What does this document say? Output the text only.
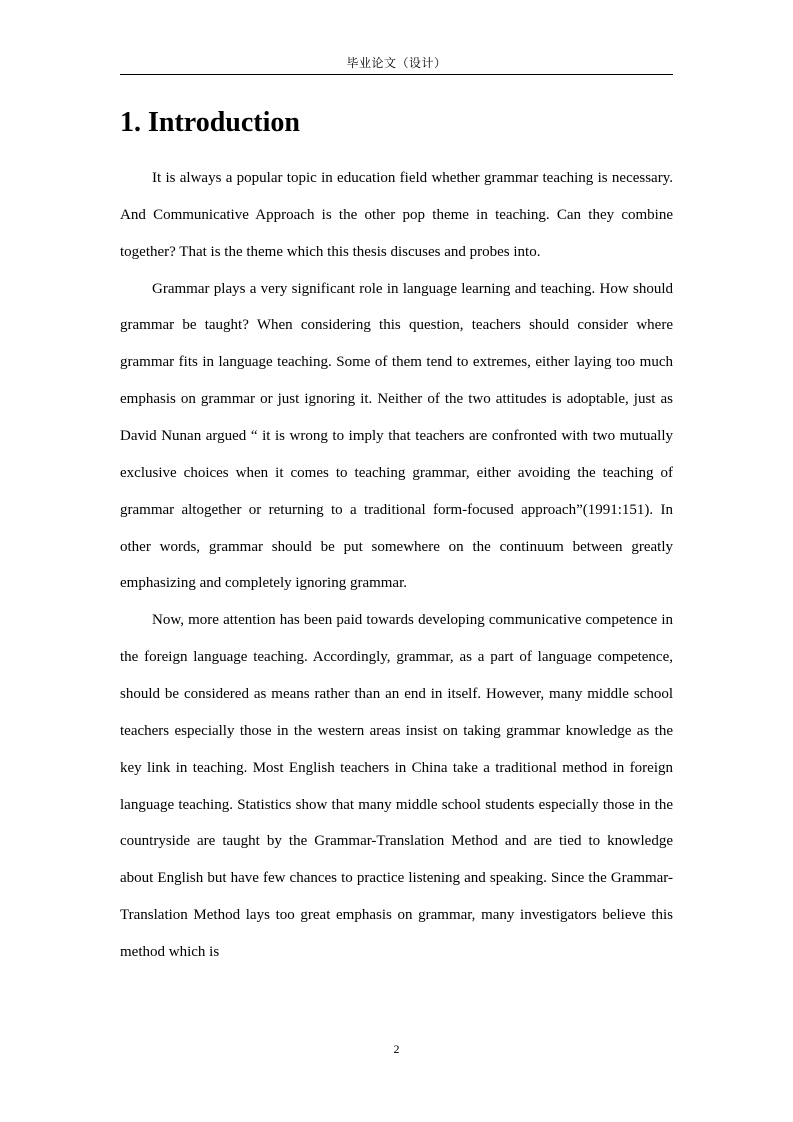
毕业论文（设计）
1. Introduction

It is always a popular topic in education field whether grammar teaching is necessary. And Communicative Approach is the other pop theme in teaching. Can they combine together? That is the theme which this thesis discuses and probes into.

Grammar plays a very significant role in language learning and teaching. How should grammar be taught? When considering this question, teachers should consider where grammar fits in language teaching. Some of them tend to extremes, either laying too much emphasis on grammar or just ignoring it. Neither of the two attitudes is adoptable, just as David Nunan argued “ it is wrong to imply that teachers are confronted with two mutually exclusive choices when it comes to teaching grammar, either avoiding the teaching of grammar altogether or returning to a traditional form-focused approach”(1991:151). In other words, grammar should be put somewhere on the continuum between greatly emphasizing and completely ignoring grammar.

Now, more attention has been paid towards developing communicative competence in the foreign language teaching. Accordingly, grammar, as a part of language competence, should be considered as means rather than an end in itself. However, many middle school teachers especially those in the western areas insist on taking grammar knowledge as the key link in teaching. Most English teachers in China take a traditional method in foreign language teaching. Statistics show that many middle school students especially those in the countryside are taught by the Grammar-Translation Method and are tied to knowledge about English but have few chances to practice listening and speaking. Since the Grammar-Translation Method lays too great emphasis on grammar, many investigators believe this method which is

2
